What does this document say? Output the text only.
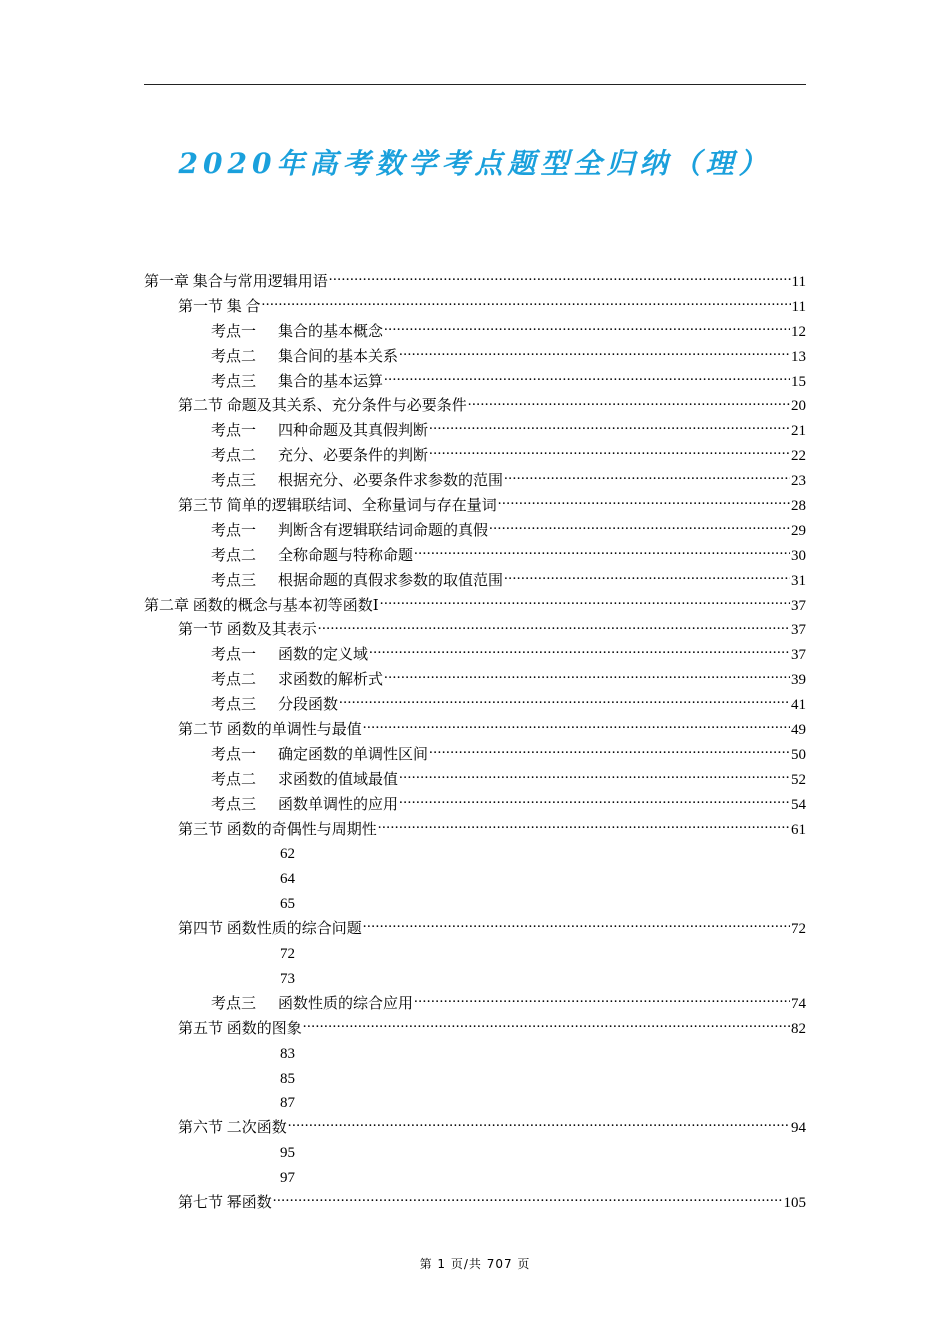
2020年高考数学考点题型全归纳（理）
第一章 集合与常用逻辑用语 .....	11
第一节 集 合 .....	11
考点一 集合的基本概念 .....	12
考点二 集合间的基本关系 .....	13
考点三 集合的基本运算 .....	15
第二节 命题及其关系、充分条件与必要条件 .....	20
考点一 四种命题及其真假判断 .....	21
考点二 充分、必要条件的判断 .....	22
考点三 根据充分、必要条件求参数的范围 .....	23
第三节 简单的逻辑联结词、全称量词与存在量词 .....	28
考点一 判断含有逻辑联结词命题的真假 .....	29
考点二 全称命题与特称命题 .....	30
考点三 根据命题的真假求参数的取值范围 .....	31
第二章 函数的概念与基本初等函数Ⅰ .....	37
第一节 函数及其表示 .....	37
考点一 函数的定义域 .....	37
考点二 求函数的解析式 .....	39
考点三 分段函数 .....	41
第二节 函数的单调性与最值 .....	49
考点一 确定函数的单调性区间 .....	50
考点二 求函数的值域最值 .....	52
考点三 函数单调性的应用 .....	54
第三节 函数的奇偶性与周期性 .....	61
62
64
65
第四节 函数性质的综合问题 .....	72
72
73
考点三 函数性质的综合应用 .....	74
第五节 函数的图象 .....	82
83
85
87
第六节 二次函数 .....	94
95
97
第七节 幂函数 .....	105
第 1 页/共 707 页
